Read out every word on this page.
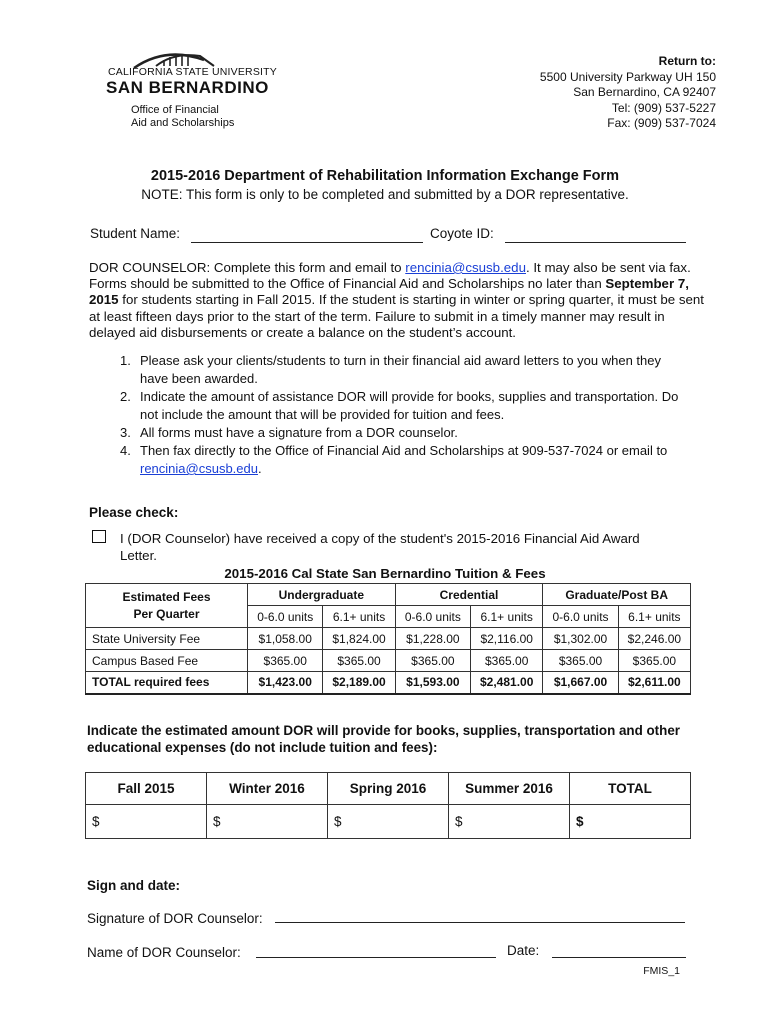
CALIFORNIA STATE UNIVERSITY
SAN BERNARDINO
Office of Financial
Aid and Scholarships
Return to:
5500 University Parkway UH 150
San Bernardino, CA 92407
Tel: (909) 537-5227
Fax: (909) 537-7024
2015-2016 Department of Rehabilitation Information Exchange Form
NOTE: This form is only to be completed and submitted by a DOR representative.
Student Name:	Coyote ID:
DOR COUNSELOR: Complete this form and email to rencinia@csusb.edu. It may also be sent via fax. Forms should be submitted to the Office of Financial Aid and Scholarships no later than September 7, 2015 for students starting in Fall 2015. If the student is starting in winter or spring quarter, it must be sent at least fifteen days prior to the start of the term. Failure to submit in a timely manner may result in delayed aid disbursements or create a balance on the student’s account.
1. Please ask your clients/students to turn in their financial aid award letters to you when they have been awarded.
2. Indicate the amount of assistance DOR will provide for books, supplies and transportation. Do not include the amount that will be provided for tuition and fees.
3. All forms must have a signature from a DOR counselor.
4. Then fax directly to the Office of Financial Aid and Scholarships at 909-537-7024 or email to rencinia@csusb.edu.
Please check:
I (DOR Counselor) have received a copy of the student's 2015-2016 Financial Aid Award Letter.
2015-2016 Cal State San Bernardino Tuition & Fees
Estimated Fees
Per Quarter	Undergraduate		Credential		Graduate/Post BA	
	0-6.0 units	6.1+ units	0-6.0 units	6.1+ units	0-6.0 units	6.1+ units
State University Fee	$1,058.00	$1,824.00	$1,228.00	$2,116.00	$1,302.00	$2,246.00
Campus Based Fee	$365.00	$365.00	$365.00	$365.00	$365.00	$365.00
TOTAL required fees	$1,423.00	$2,189.00	$1,593.00	$2,481.00	$1,667.00	$2,611.00
Indicate the estimated amount DOR will provide for books, supplies, transportation and other educational expenses (do not include tuition and fees):
Fall 2015	Winter 2016	Spring 2016	Summer 2016	TOTAL
$	$	$	$	$
Sign and date:
Signature of DOR Counselor:
Name of DOR Counselor:	Date:
FMIS_1
